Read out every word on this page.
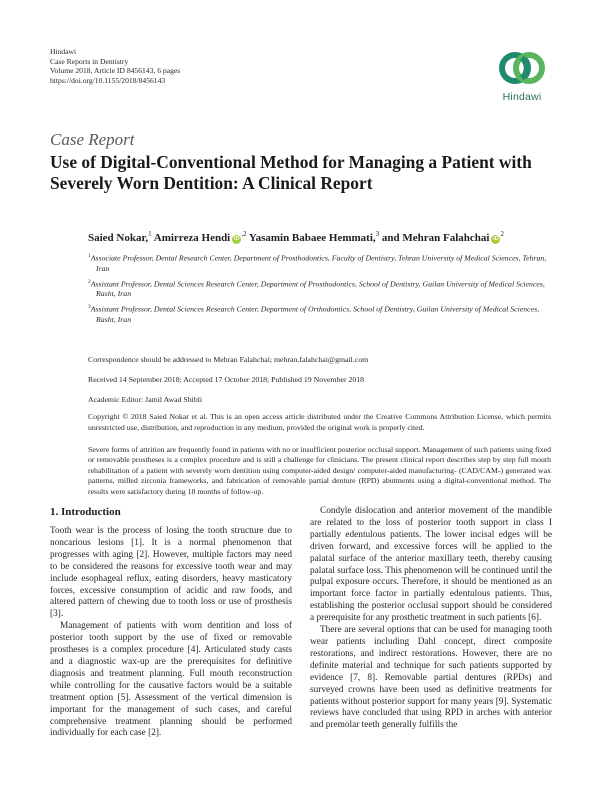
Hindawi
Case Reports in Dentistry
Volume 2018, Article ID 8456143, 6 pages
https://doi.org/10.1155/2018/8456143
Hindawi
Case Report
Use of Digital-Conventional Method for Managing a Patient with Severely Worn Dentition: A Clinical Report
Saied Nokar,$^1$ Amirreza Hendi $iD^{,2}$ Yasamin Babaee Hemmati,$^3$ and Mehran Falahchai $iD^2$

$^1$Associate Professor, Dental Research Center, Department of Prosthodontics, Faculty of Dentistry, Tehran University of Medical Sciences, Tehran, Iran

$^2$Assistant Professor, Dental Sciences Research Center, Department of Prosthodontics, School of Dentistry, Guilan University of Medical Sciences, Rasht, Iran

$^3$Assistant Professor, Dental Sciences Research Center, Department of Orthodontics, School of Dentistry, Guilan University of Medical Sciences, Rasht, Iran

Correspondence should be addressed to Mehran Falahchai; mehran.falahchai@gmail.com
Received 14 September 2018; Accepted 17 October 2018; Published 19 November 2018
Academic Editor: Jamil Awad Shibli
Copyright © 2018 Saied Nokar et al. This is an open access article distributed under the Creative Commons Attribution License, which permits unrestricted use, distribution, and reproduction in any medium, provided the original work is properly cited.
Severe forms of attrition are frequently found in patients with no or insufficient posterior occlusal support. Management of such patients using fixed or removable prostheses is a complex procedure and is still a challenge for clinicians. The present clinical report describes step by step full mouth rehabilitation of a patient with severely worn dentition using computer-aided design/ computer-aided manufacturing- (CAD/CAM-) generated wax patterns, milled zirconia frameworks, and fabrication of removable partial denture (RPD) abutments using a digital-conventional method. The results were satisfactory during 18 months of follow-up.
1. Introduction

Tooth wear is the process of losing the tooth structure due to noncarious lesions [1]. It is a normal phenomenon that progresses with aging [2]. However, multiple factors may need to be considered the reasons for excessive tooth wear and may include esophageal reflux, eating disorders, heavy masticatory forces, excessive consumption of acidic and raw foods, and altered pattern of chewing due to tooth loss or use of prosthesis [3].

Management of patients with worn dentition and loss of posterior tooth support by the use of fixed or removable prostheses is a complex procedure [4]. Articulated study casts and a diagnostic wax-up are the prerequisites for definitive diagnosis and treatment planning. Full mouth reconstruction while controlling for the causative factors would be a suitable treatment option [5]. Assessment of the vertical dimension is important for the management of such cases, and careful comprehensive treatment planning should be performed individually for each case [2].

Condyle dislocation and anterior movement of the mandible are related to the loss of posterior tooth support in class I partially edentulous patients. The lower incisal edges will be driven forward, and excessive forces will be applied to the palatal surface of the anterior maxillary teeth, thereby causing palatal surface loss. This phenomenon will be continued until the pulpal exposure occurs. Therefore, it should be mentioned as an important force factor in partially edentulous patients. Thus, establishing the posterior occlusal support should be considered a prerequisite for any prosthetic treatment in such patients [6].

There are several options that can be used for managing tooth wear patients including Dahl concept, direct composite restorations, and indirect restorations. However, there are no definite material and technique for such patients supported by evidence [7, 8]. Removable partial dentures (RPDs) and surveyed crowns have been used as definitive treatments for patients without posterior support for many years [9]. Systematic reviews have concluded that using RPD in arches with anterior and premolar teeth generally fulfills the
